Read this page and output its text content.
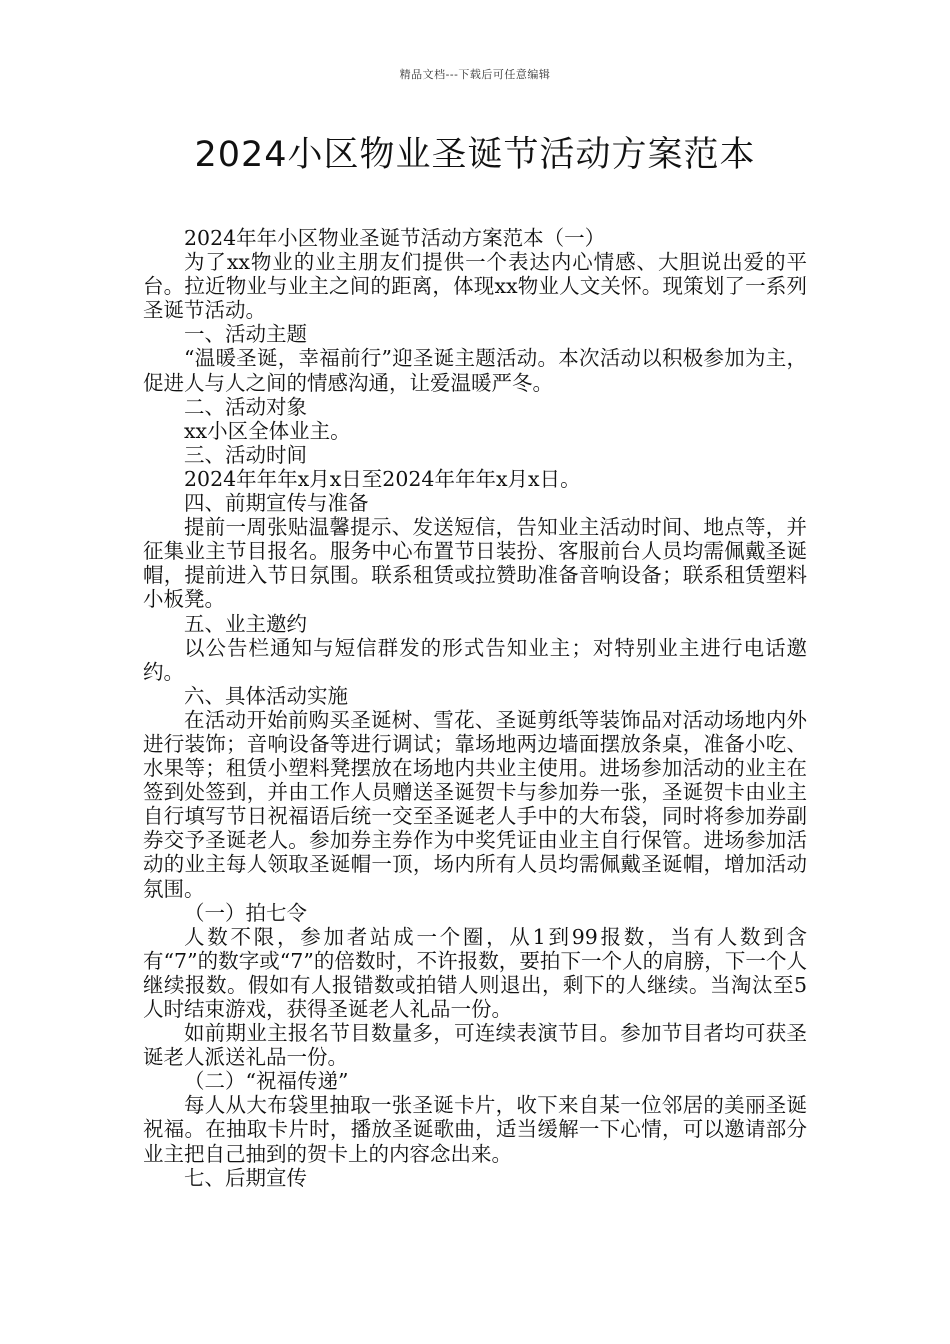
精品文档---下载后可任意编辑
2024小区物业圣诞节活动方案范本

2024年年小区物业圣诞节活动方案范本（一）

为了xx物业的业主朋友们提供一个表达内心情感、大胆说出爱的平台。拉近物业与业主之间的距离，体现xx物业人文关怀。现策划了一系列圣诞节活动。

一、活动主题

“温暖圣诞，幸福前行”迎圣诞主题活动。本次活动以积极参加为主，促进人与人之间的情感沟通，让爱温暖严冬。

二、活动对象

xx小区全体业主。

三、活动时间

2024年年年x月x日至2024年年年x月x日。

四、前期宣传与准备

提前一周张贴温馨提示、发送短信，告知业主活动时间、地点等，并征集业主节目报名。服务中心布置节日装扮、客服前台人员均需佩戴圣诞帽，提前进入节日氛围。联系租赁或拉赞助准备音响设备；联系租赁塑料小板凳。

五、业主邀约

以公告栏通知与短信群发的形式告知业主；对特别业主进行电话邀约。

六、具体活动实施

在活动开始前购买圣诞树、雪花、圣诞剪纸等装饰品对活动场地内外进行装饰；音响设备等进行调试；靠场地两边墙面摆放条桌，准备小吃、水果等；租赁小塑料凳摆放在场地内共业主使用。进场参加活动的业主在签到处签到，并由工作人员赠送圣诞贺卡与参加券一张，圣诞贺卡由业主自行填写节日祝福语后统一交至圣诞老人手中的大布袋，同时将参加券副券交予圣诞老人。参加券主券作为中奖凭证由业主自行保管。进场参加活动的业主每人领取圣诞帽一顶，场内所有人员均需佩戴圣诞帽，增加活动氛围。

（一）拍七令

人数不限，参加者站成一个圈，从1到99报数，当有人数到含有“7”的数字或“7”的倍数时，不许报数，要拍下一个人的肩膀，下一个人继续报数。假如有人报错数或拍错人则退出，剩下的人继续。当淘汰至5人时结束游戏，获得圣诞老人礼品一份。

如前期业主报名节目数量多，可连续表演节目。参加节目者均可获圣诞老人派送礼品一份。

（二）“祝福传递”

每人从大布袋里抽取一张圣诞卡片，收下来自某一位邻居的美丽圣诞祝福。在抽取卡片时，播放圣诞歌曲，适当缓解一下心情，可以邀请部分业主把自己抽到的贺卡上的内容念出来。

七、后期宣传
